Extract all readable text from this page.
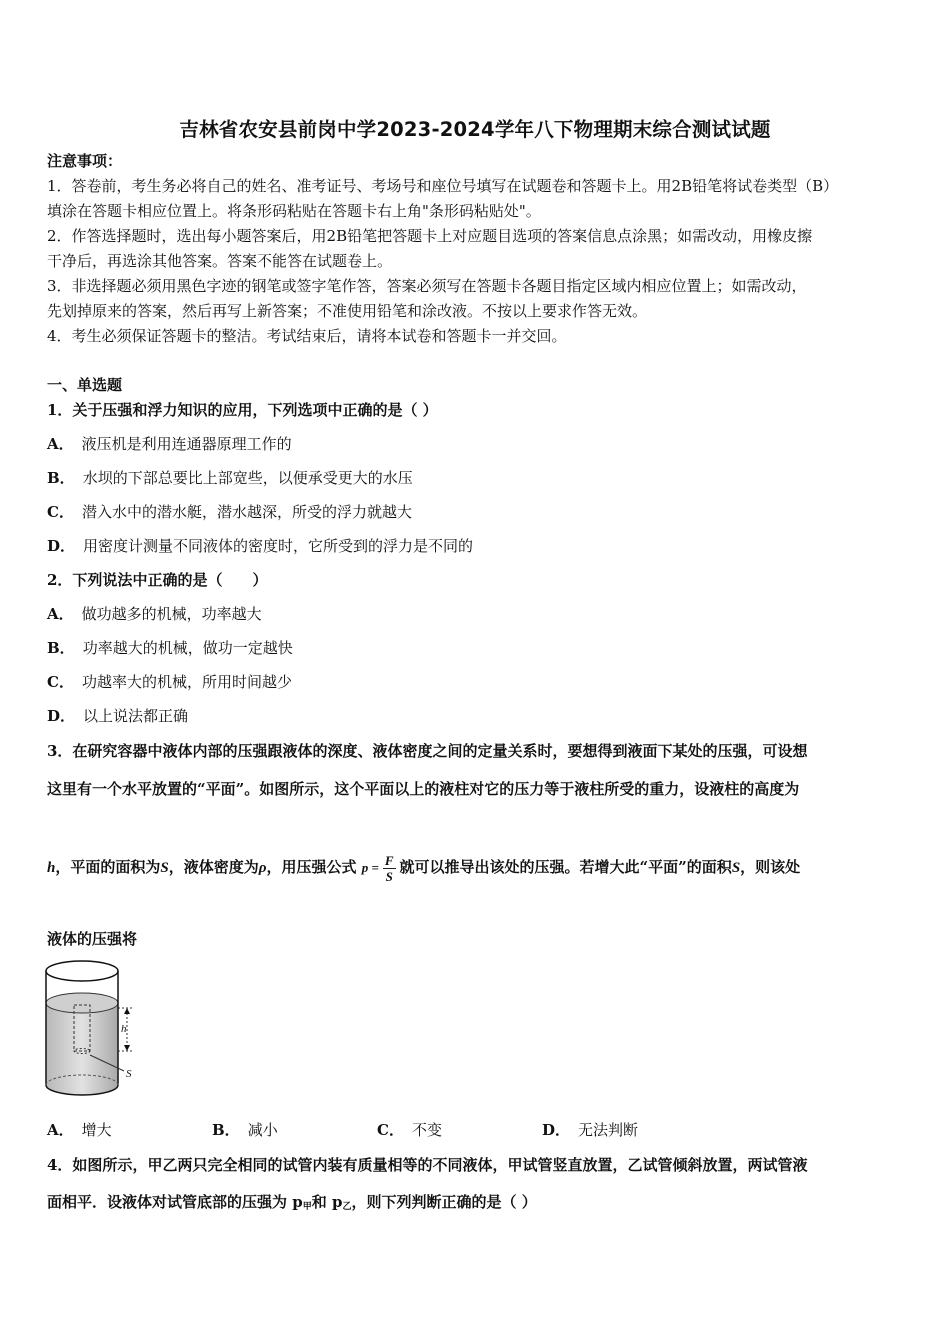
吉林省农安县前岗中学2023-2024学年八下物理期末综合测试试题
注意事项：
1．答卷前，考生务必将自己的姓名、准考证号、考场号和座位号填写在试题卷和答题卡上。用2B铅笔将试卷类型（B）
填涂在答题卡相应位置上。将条形码粘贴在答题卡右上角"条形码粘贴处"。
2．作答选择题时，选出每小题答案后，用2B铅笔把答题卡上对应题目选项的答案信息点涂黑；如需改动，用橡皮擦
干净后，再选涂其他答案。答案不能答在试题卷上。
3．非选择题必须用黑色字迹的钢笔或签字笔作答，答案必须写在答题卡各题目指定区域内相应位置上；如需改动，
先划掉原来的答案，然后再写上新答案；不准使用铅笔和涂改液。不按以上要求作答无效。
4．考生必须保证答题卡的整洁。考试结束后，请将本试卷和答题卡一并交回。
一、单选题
1．关于压强和浮力知识的应用，下列选项中正确的是（ ）
A． 液压机是利用连通器原理工作的
B． 水坝的下部总要比上部宽些，以便承受更大的水压
C． 潜入水中的潜水艇，潜水越深，所受的浮力就越大
D． 用密度计测量不同液体的密度时，它所受到的浮力是不同的
2．下列说法中正确的是（　　）
A． 做功越多的机械，功率越大
B． 功率越大的机械，做功一定越快
C． 功越率大的机械，所用时间越少
D． 以上说法都正确
3．在研究容器中液体内部的压强跟液体的深度、液体密度之间的定量关系时，要想得到液面下某处的压强，可设想
这里有一个水平放置的“平面”。如图所示，这个平面以上的液柱对它的压力等于液柱所受的重力，设液柱的高度为
h，平面的面积为S，液体密度为ρ，用压强公式 $p = \frac{F}{S}$ 就可以推导出该处的压强。若增大此“平面”的面积S，则该处
液体的压强将
h
S
A． 增大	B． 减小	C． 不变	D． 无法判断
4．如图所示，甲乙两只完全相同的试管内装有质量相等的不同液体，甲试管竖直放置，乙试管倾斜放置，两试管液
面相平．设液体对试管底部的压强为 $p_甲$和 $p_乙$，则下列判断正确的是（ ）
